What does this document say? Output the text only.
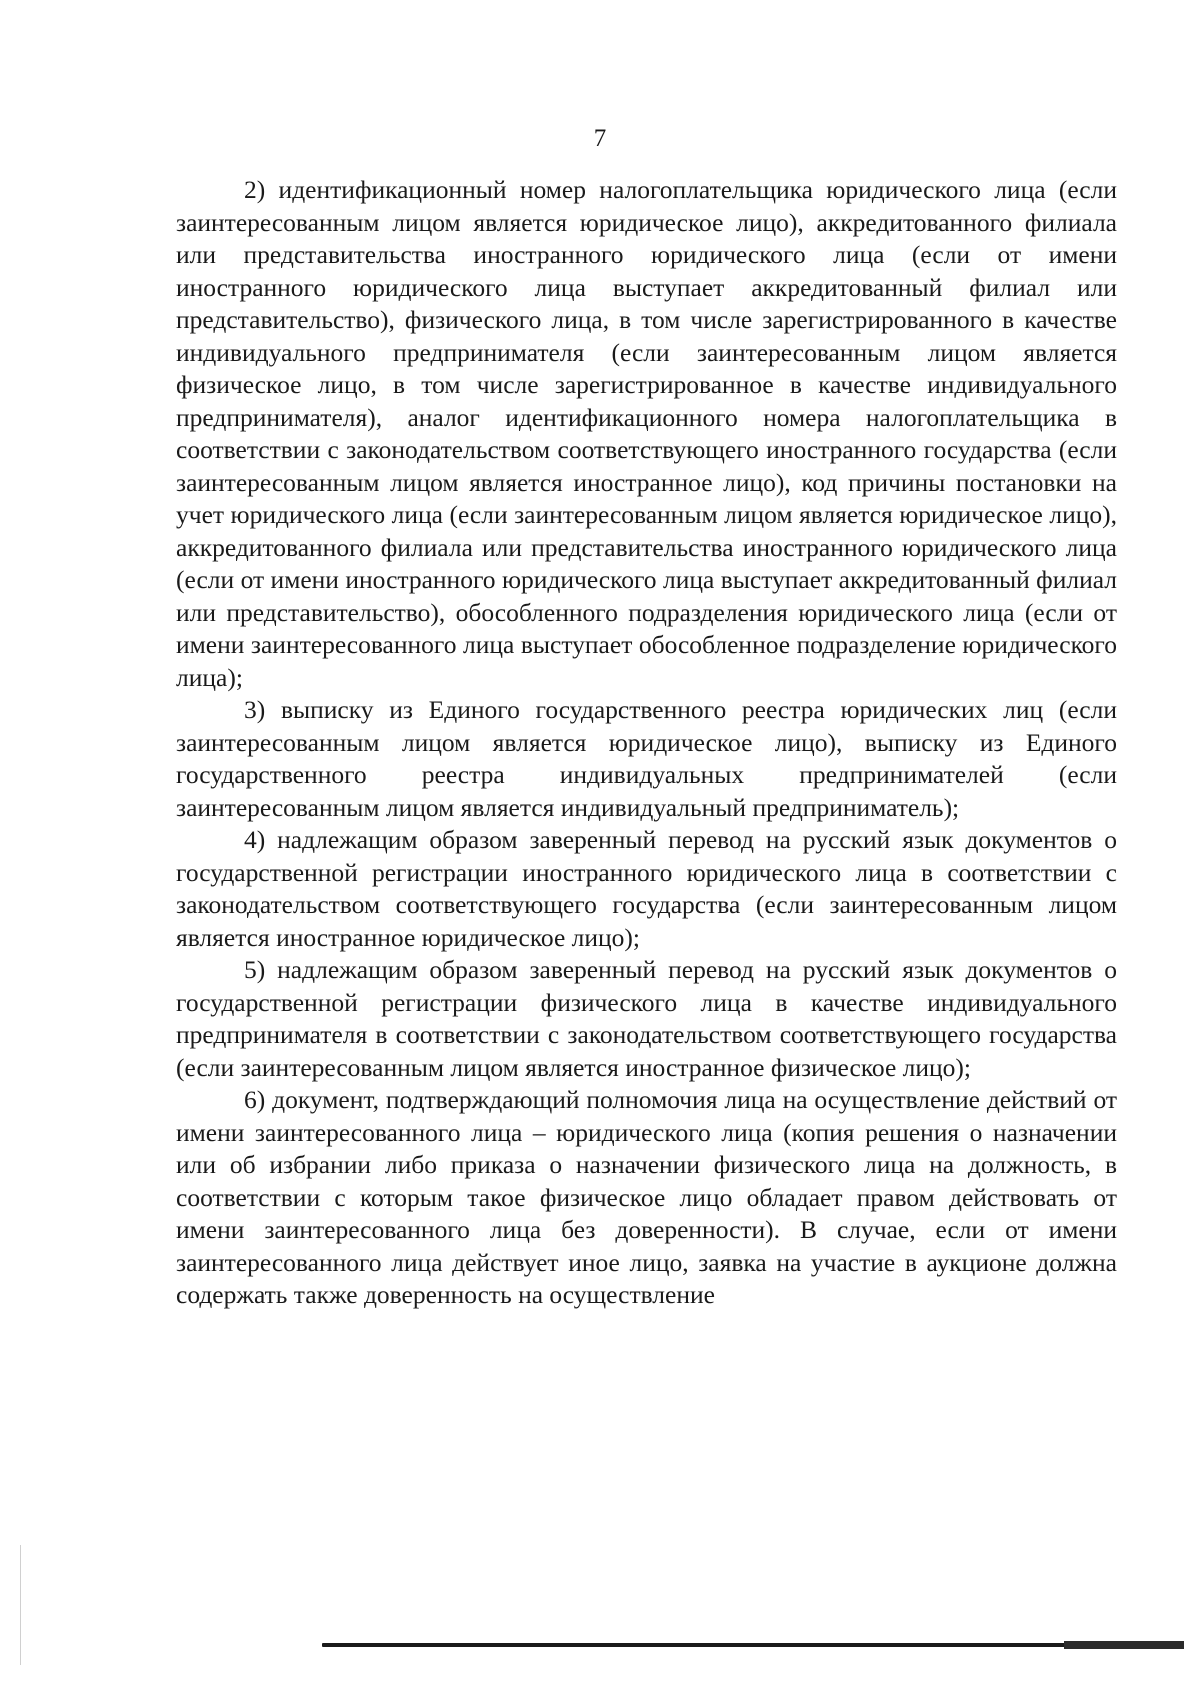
7

2) идентификационный номер налогоплательщика юридического лица (если заинтересованным лицом является юридическое лицо), аккредитованного филиала или представительства иностранного юридического лица (если от имени иностранного юридического лица выступает аккредитованный филиал или представительство), физического лица, в том числе зарегистрированного в качестве индивидуального предпринимателя (если заинтересованным лицом является физическое лицо, в том числе зарегистрированное в качестве индивидуального предпринимателя), аналог идентификационного номера налогоплательщика в соответствии с законодательством соответствующего иностранного государства (если заинтересованным лицом является иностранное лицо), код причины постановки на учет юридического лица (если заинтересованным лицом является юридическое лицо), аккредитованного филиала или представительства иностранного юридического лица (если от имени иностранного юридического лица выступает аккредитованный филиал или представительство), обособленного подразделения юридического лица (если от имени заинтересованного лица выступает обособленное подразделение юридического лица);

3) выписку из Единого государственного реестра юридических лиц (если заинтересованным лицом является юридическое лицо), выписку из Единого государственного реестра индивидуальных предпринимателей (если заинтересованным лицом является индивидуальный предприниматель);

4) надлежащим образом заверенный перевод на русский язык документов о государственной регистрации иностранного юридического лица в соответствии с законодательством соответствующего государства (если заинтересованным лицом является иностранное юридическое лицо);

5) надлежащим образом заверенный перевод на русский язык документов о государственной регистрации физического лица в качестве индивидуального предпринимателя в соответствии с законодательством соответствующего государства (если заинтересованным лицом является иностранное физическое лицо);

6) документ, подтверждающий полномочия лица на осуществление действий от имени заинтересованного лица – юридического лица (копия решения о назначении или об избрании либо приказа о назначении физического лица на должность, в соответствии с которым такое физическое лицо обладает правом действовать от имени заинтересованного лица без доверенности). В случае, если от имени заинтересованного лица действует иное лицо, заявка на участие в аукционе должна содержать также доверенность на осуществление
